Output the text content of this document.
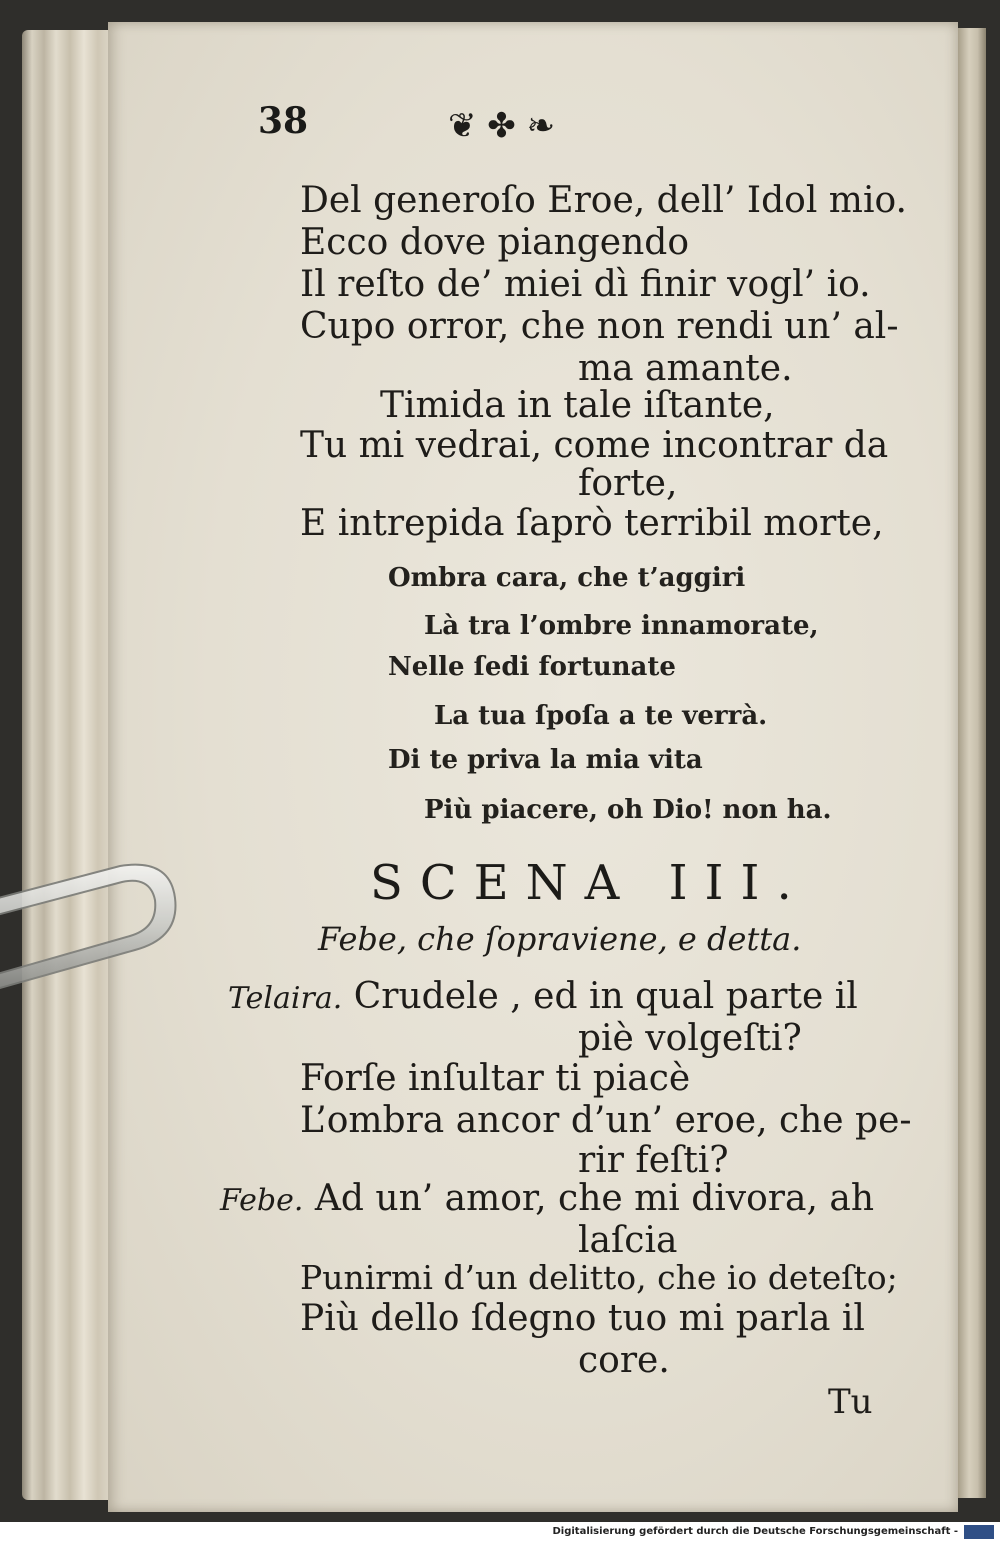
38	❦ ✤ ❧
Del generoſo Eroe, dell’ Idol mio.
Ecco dove piangendo
Il reſto de’ miei dì finir vogl’ io.
Cupo orror, che non rendi un’ al-
ma amante.
Timida in tale iſtante,
Tu mi vedrai, come incontrar da
forte,
E intrepida ſaprò terribil morte,
Ombra cara, che t’aggiri
Là tra l’ombre innamorate,
Nelle ſedi fortunate
La tua ſpoſa a te verrà.
Di te priva la mia vita
Più piacere, oh Dio! non ha.
SCENA III.
Febe, che ſopraviene, e detta.
Telaira. Crudele , ed in qual parte il
piè volgeſti?
Forſe inſultar ti piacè
L’ombra ancor d’un’ eroe, che pe-
rir feſti?
Febe. Ad un’ amor, che mi divora, ah
laſcia
Punirmi d’un delitto, che io deteſto;
Più dello ſdegno tuo mi parla il
core.
Tu
Digitalisierung gefördert durch die Deutsche Forschungsgemeinschaft -
